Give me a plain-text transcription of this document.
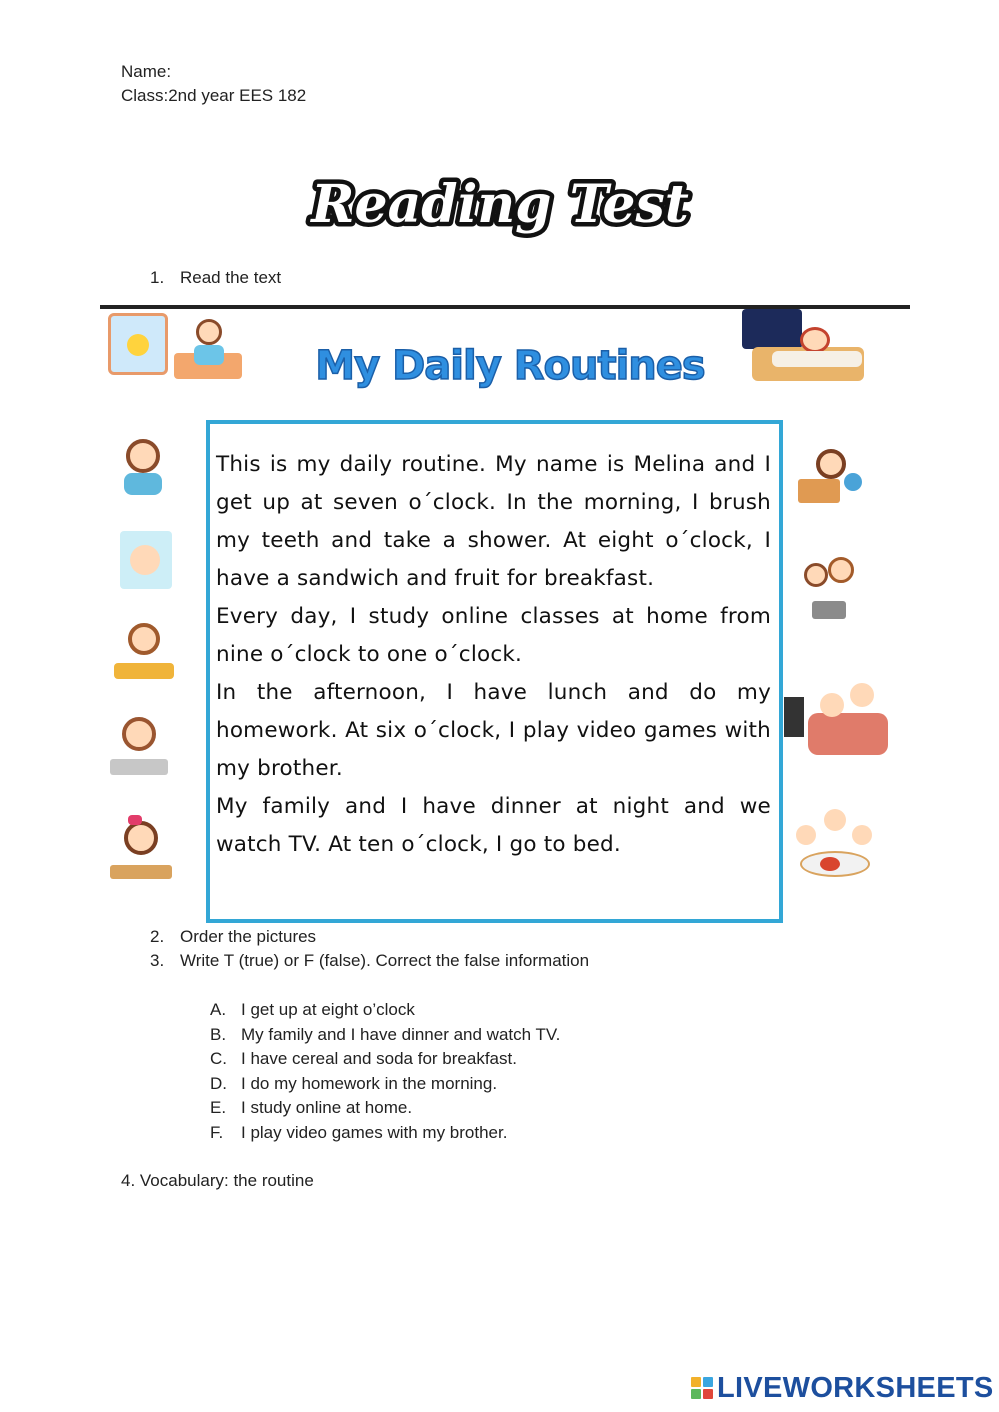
Name:
Class:2nd year EES 182
Reading Test
1. Read the text
My Daily Routines

This is my daily routine. My name is Melina and I get up at seven o´clock. In the morning, I brush my teeth and take a shower. At eight o´clock, I have a sandwich and fruit for breakfast.

Every day, I study online classes at home from nine o´clock to one o´clock.

In the afternoon, I have lunch and do my homework. At six o´clock, I play video games with my brother.

My family and I have dinner at night and we watch TV. At ten o´clock, I go to bed.

2. Order the pictures
3. Write T (true) or F (false). Correct the false information
A. I get up at eight o’clock
B. My family and I have dinner and watch TV.
C. I have cereal and soda for breakfast.
D. I do my homework in the morning.
E. I study online at home.
F. I play video games with my brother.
4. Vocabulary: the routine
LIVEWORKSHEETS
